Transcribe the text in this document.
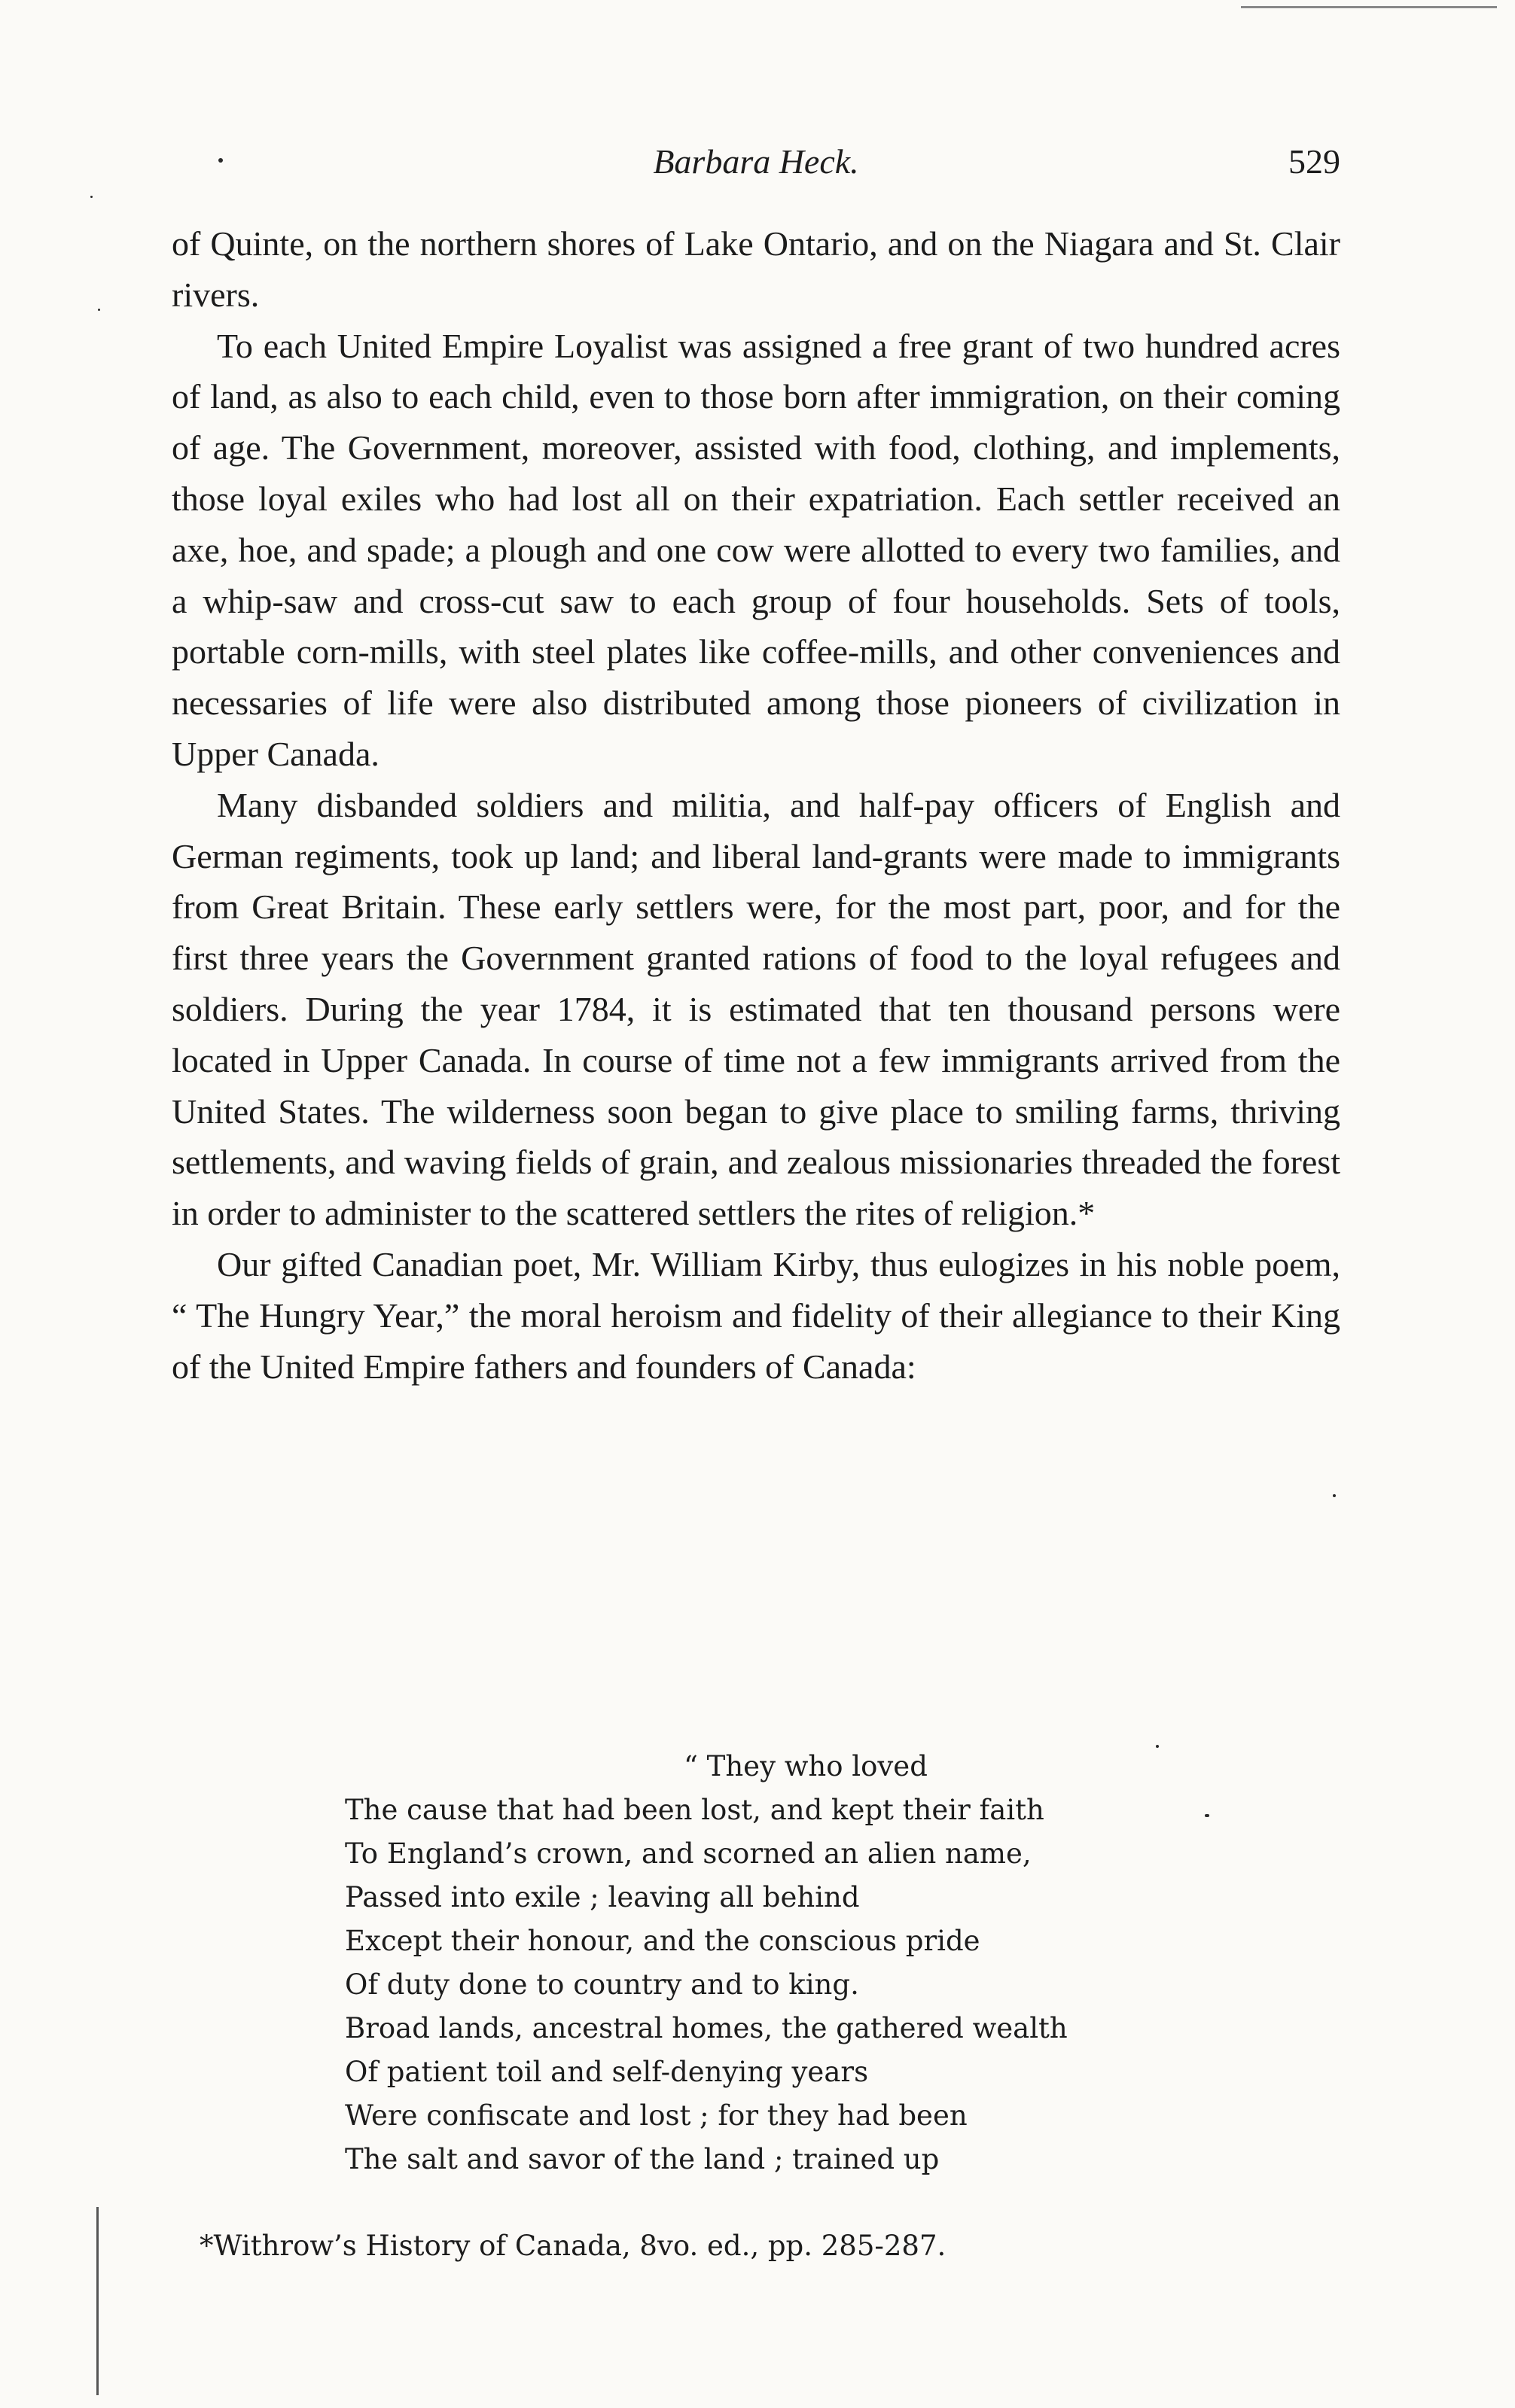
Barbara Heck.	529

of Quinte, on the northern shores of Lake Ontario, and on the Niagara and St. Clair rivers.

To each United Empire Loyalist was assigned a free grant of two hundred acres of land, as also to each child, even to those born after immigration, on their coming of age. The Government, moreover, assisted with food, clothing, and implements, those loyal exiles who had lost all on their expatriation. Each settler received an axe, hoe, and spade; a plough and one cow were allotted to every two families, and a whip-saw and cross-cut saw to each group of four households. Sets of tools, portable corn-mills, with steel plates like coffee-mills, and other conveniences and necessaries of life were also distributed among those pioneers of civilization in Upper Canada.

Many disbanded soldiers and militia, and half-pay officers of English and German regiments, took up land; and liberal land-grants were made to immigrants from Great Britain. These early settlers were, for the most part, poor, and for the first three years the Government granted rations of food to the loyal refugees and soldiers. During the year 1784, it is estimated that ten thousand persons were located in Upper Canada. In course of time not a few immigrants arrived from the United States. The wilderness soon began to give place to smiling farms, thriving settlements, and waving fields of grain, and zealous missionaries threaded the forest in order to administer to the scattered settlers the rites of religion.*

Our gifted Canadian poet, Mr. William Kirby, thus eulogizes in his noble poem, “ The Hungry Year,” the moral heroism and fidelity of their allegiance to their King of the United Empire fathers and founders of Canada:

“ They who loved
The cause that had been lost, and kept their faith
To England’s crown, and scorned an alien name,
Passed into exile ; leaving all behind
Except their honour, and the conscious pride
Of duty done to country and to king.
Broad lands, ancestral homes, the gathered wealth
Of patient toil and self-denying years
Were confiscate and lost ; for they had been
The salt and savor of the land ; trained up
*Withrow’s History of Canada, 8vo. ed., pp. 285-287.
